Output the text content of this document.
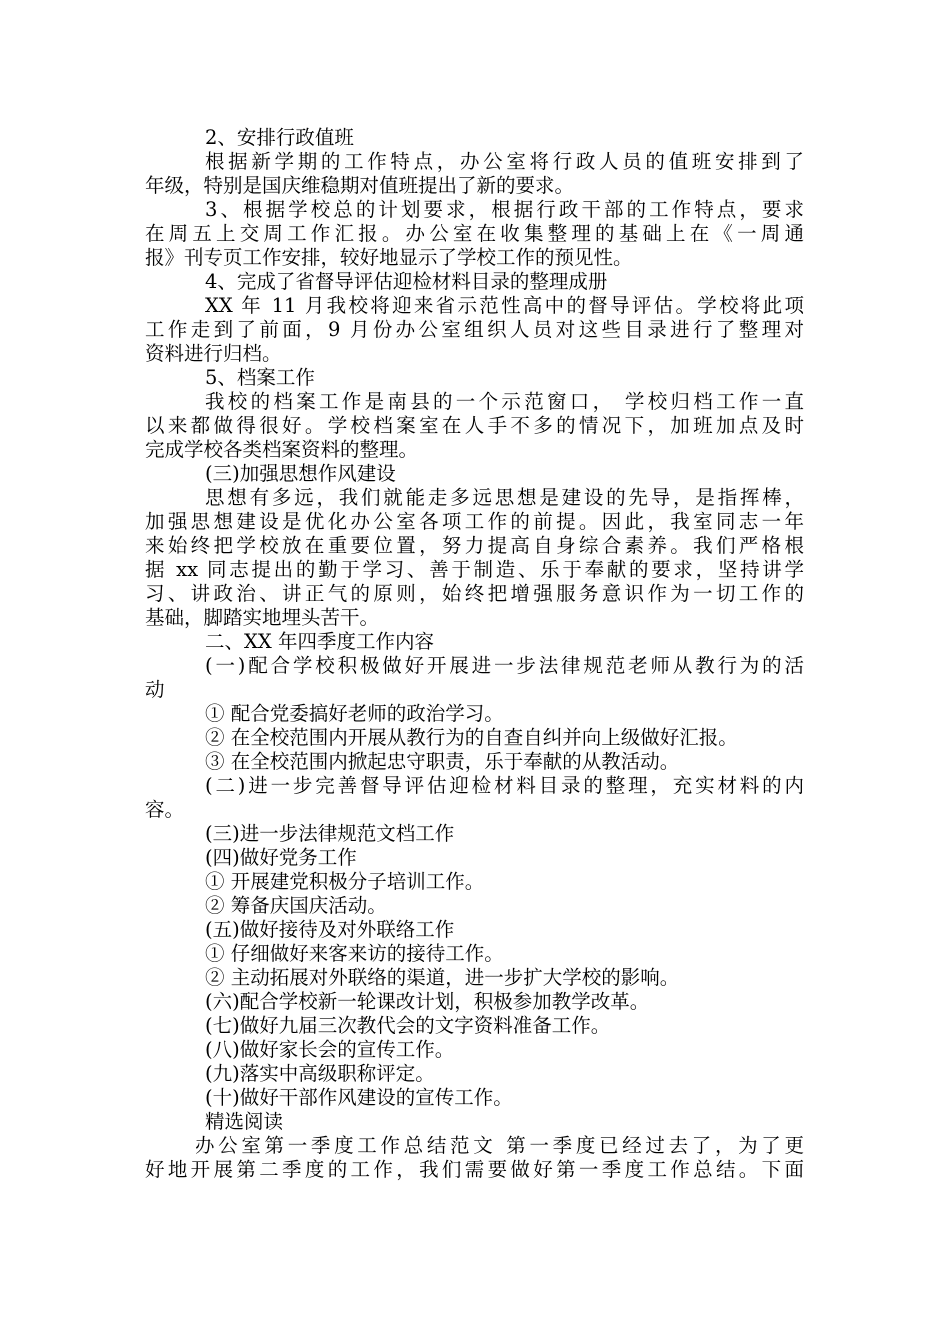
2、安排行政值班
根据新学期的工作特点，办公室将行政人员的值班安排到了
年级，特别是国庆维稳期对值班提出了新的要求。
3、根据学校总的计划要求，根据行政干部的工作特点，要求
在周五上交周工作汇报。办公室在收集整理的基础上在《一周通
报》刊专页工作安排，较好地显示了学校工作的预见性。
4、完成了省督导评估迎检材料目录的整理成册
XX 年 11 月我校将迎来省示范性高中的督导评估。学校将此项
工作走到了前面，9 月份办公室组织人员对这些目录进行了整理对
资料进行归档。
5、档案工作
我校的档案工作是南县的一个示范窗口， 学校归档工作一直
以来都做得很好。学校档案室在人手不多的情况下，加班加点及时
完成学校各类档案资料的整理。
(三)加强思想作风建设
思想有多远，我们就能走多远思想是建设的先导，是指挥棒，
加强思想建设是优化办公室各项工作的前提。因此，我室同志一年
来始终把学校放在重要位置，努力提高自身综合素养。我们严格根
据 xx 同志提出的勤于学习、善于制造、乐于奉献的要求，坚持讲学
习、讲政治、讲正气的原则，始终把增强服务意识作为一切工作的
基础，脚踏实地埋头苦干。
二、XX 年四季度工作内容
(一)配合学校积极做好开展进一步法律规范老师从教行为的活
动
① 配合党委搞好老师的政治学习。
② 在全校范围内开展从教行为的自查自纠并向上级做好汇报。
③ 在全校范围内掀起忠守职责，乐于奉献的从教活动。
(二)进一步完善督导评估迎检材料目录的整理，充实材料的内
容。
(三)进一步法律规范文档工作
(四)做好党务工作
① 开展建党积极分子培训工作。
② 筹备庆国庆活动。
(五)做好接待及对外联络工作
① 仔细做好来客来访的接待工作。
② 主动拓展对外联络的渠道，进一步扩大学校的影响。
(六)配合学校新一轮课改计划，积极参加教学改革。
(七)做好九届三次教代会的文字资料准备工作。
(八)做好家长会的宣传工作。
(九)落实中高级职称评定。
(十)做好干部作风建设的宣传工作。
精选阅读
办公室第一季度工作总结范文 第一季度已经过去了，为了更
好地开展第二季度的工作，我们需要做好第一季度工作总结。下面
